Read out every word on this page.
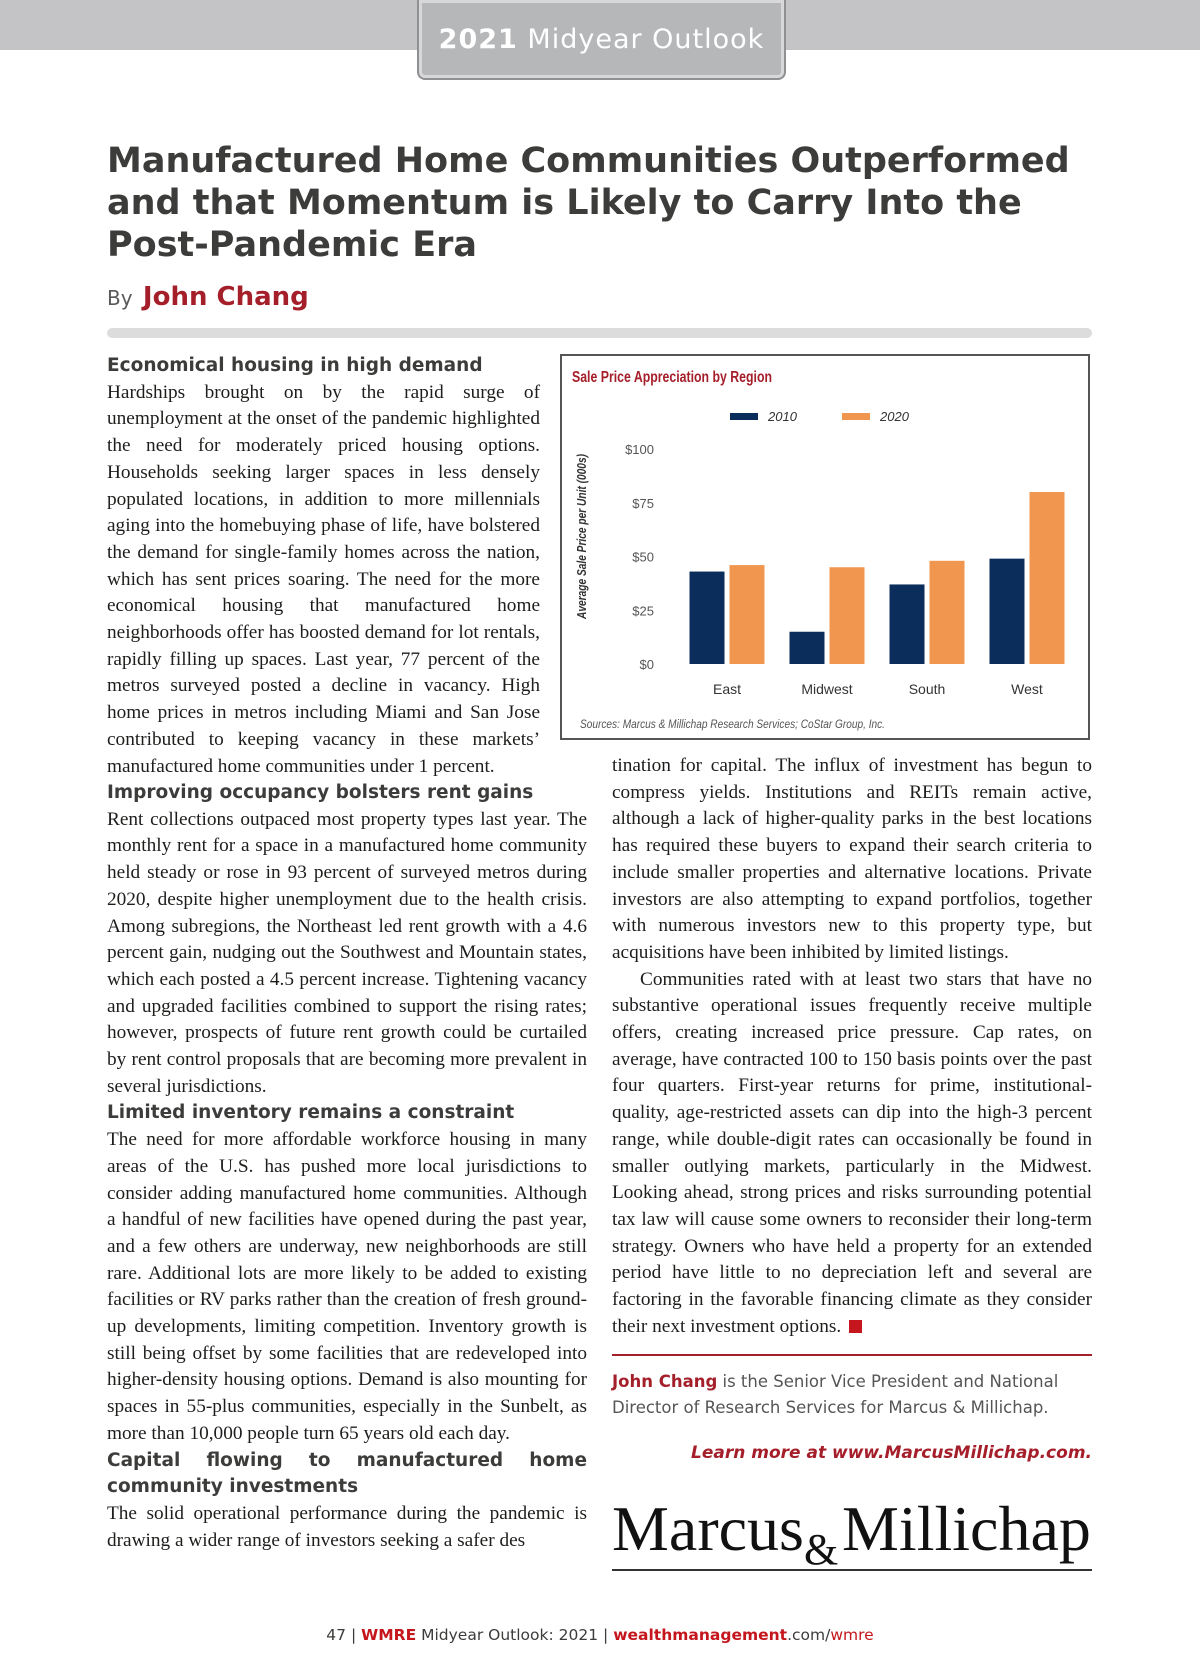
2021 Midyear Outlook
Manufactured Home Communities Outperformed and that Momentum is Likely to Carry Into the Post-Pandemic Era
By John Chang
Economical housing in high demand

Hardships brought on by the rapid surge of unemployment at the onset of the pandemic highlighted the need for moderately priced housing options. Households seeking larger spaces in less densely populated locations, in addition to more millennials aging into the homebuying phase of life, have bolstered the demand for single-family homes across the nation, which has sent prices soaring. The need for the more economical housing that manufactured home neighborhoods offer has boosted demand for lot rentals, rapidly filling up spaces. Last year, 77 percent of the metros surveyed posted a decline in vacancy. High home prices in metros including Miami and San Jose contributed to keeping vacancy in these markets’ manufactured home communities under 1 percent.

Improving occupancy bolsters rent gains

Rent collections outpaced most property types last year. The monthly rent for a space in a manufactured home community held steady or rose in 93 percent of surveyed metros during 2020, despite higher unemployment due to the health crisis. Among subregions, the Northeast led rent growth with a 4.6 percent gain, nudging out the Southwest and Mountain states, which each posted a 4.5 percent increase. Tightening vacancy and upgraded facilities combined to support the rising rates; however, prospects of future rent growth could be curtailed by rent control proposals that are becoming more prevalent in several jurisdictions.

Limited inventory remains a constraint

The need for more affordable workforce housing in many areas of the U.S. has pushed more local jurisdictions to consider adding manufactured home communities. Although a handful of new facilities have opened during the past year, and a few others are underway, new neighborhoods are still rare. Additional lots are more likely to be added to existing facilities or RV parks rather than the creation of fresh ground-up developments, limiting competition. Inventory growth is still being offset by some facilities that are redeveloped into higher-density housing options. Demand is also mounting for spaces in 55-plus communities, especially in the Sunbelt, as more than 10,000 people turn 65 years old each day.

Capital flowing to manufactured home community investments

The solid operational performance during the pandemic is drawing a wider range of investors seeking a safer des

tination for capital. The influx of investment has begun to compress yields. Institutions and REITs remain active, although a lack of higher-quality parks in the best locations has required these buyers to expand their search criteria to include smaller properties and alternative locations. Private investors are also attempting to expand portfolios, together with numerous investors new to this property type, but acquisitions have been inhibited by limited listings.

Communities rated with at least two stars that have no substantive operational issues frequently receive multiple offers, creating increased price pressure. Cap rates, on average, have contracted 100 to 150 basis points over the past four quarters. First-year returns for prime, institutional-quality, age-restricted assets can dip into the high-3 percent range, while double-digit rates can occasionally be found in smaller outlying markets, particularly in the Midwest. Looking ahead, strong prices and risks surrounding potential tax law will cause some owners to reconsider their long-term strategy. Owners who have held a property for an extended period have little to no depreciation left and several are factoring in the favorable financing climate as they consider their next investment options.

Sale Price Appreciation by Region
2010	2020
$0
$25
$50
$75
$100
Average Sale Price per Unit (000s)
East	Midwest	South	West
Sources: Marcus & Millichap Research Services; CoStar Group, Inc.
John Chang is the Senior Vice President and National Director of Research Services for Marcus & Millichap.
Learn more at www.MarcusMillichap.com.
Marcus & Millichap
47 | WMRE Midyear Outlook: 2021 | wealthmanagement.com/wmre
